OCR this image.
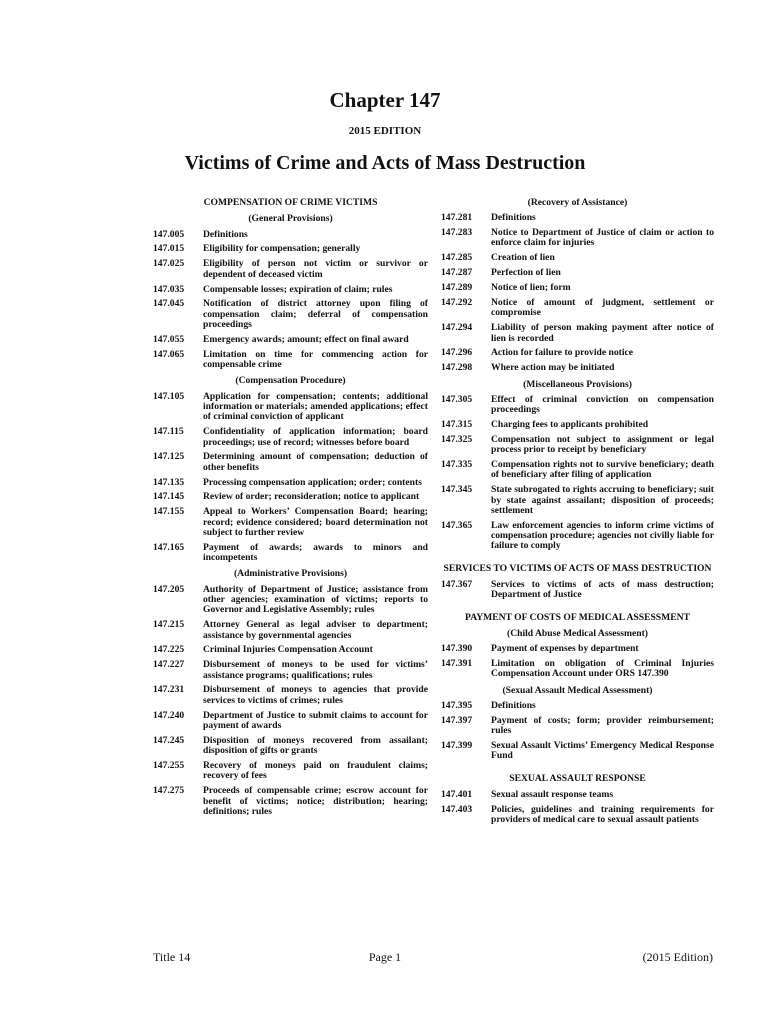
Chapter 147
2015 EDITION
Victims of Crime and Acts of Mass Destruction
COMPENSATION OF CRIME VICTIMS
(General Provisions)
147.005	Definitions
147.015	Eligibility for compensation; generally
147.025	Eligibility of person not victim or survivor or dependent of deceased victim
147.035	Compensable losses; expiration of claim; rules
147.045	Notification of district attorney upon filing of compensation claim; deferral of compensation proceedings
147.055	Emergency awards; amount; effect on final award
147.065	Limitation on time for commencing action for compensable crime
(Compensation Procedure)
147.105	Application for compensation; contents; additional information or materials; amended applications; effect of criminal conviction of applicant
147.115	Confidentiality of application information; board proceedings; use of record; witnesses before board
147.125	Determining amount of compensation; deduction of other benefits
147.135	Processing compensation application; order; contents
147.145	Review of order; reconsideration; notice to applicant
147.155	Appeal to Workers’ Compensation Board; hearing; record; evidence considered; board determination not subject to further review
147.165	Payment of awards; awards to minors and incompetents
(Administrative Provisions)
147.205	Authority of Department of Justice; assistance from other agencies; examination of victims; reports to Governor and Legislative Assembly; rules
147.215	Attorney General as legal adviser to department; assistance by governmental agencies
147.225	Criminal Injuries Compensation Account
147.227	Disbursement of moneys to be used for victims’ assistance programs; qualifications; rules
147.231	Disbursement of moneys to agencies that provide services to victims of crimes; rules
147.240	Department of Justice to submit claims to account for payment of awards
147.245	Disposition of moneys recovered from assailant; disposition of gifts or grants
147.255	Recovery of moneys paid on fraudulent claims; recovery of fees
147.275	Proceeds of compensable crime; escrow account for benefit of victims; notice; distribution; hearing; definitions; rules
(Recovery of Assistance)
147.281	Definitions
147.283	Notice to Department of Justice of claim or action to enforce claim for injuries
147.285	Creation of lien
147.287	Perfection of lien
147.289	Notice of lien; form
147.292	Notice of amount of judgment, settlement or compromise
147.294	Liability of person making payment after notice of lien is recorded
147.296	Action for failure to provide notice
147.298	Where action may be initiated
(Miscellaneous Provisions)
147.305	Effect of criminal conviction on compensation proceedings
147.315	Charging fees to applicants prohibited
147.325	Compensation not subject to assignment or legal process prior to receipt by beneficiary
147.335	Compensation rights not to survive beneficiary; death of beneficiary after filing of application
147.345	State subrogated to rights accruing to beneficiary; suit by state against assailant; disposition of proceeds; settlement
147.365	Law enforcement agencies to inform crime victims of compensation procedure; agencies not civilly liable for failure to comply
SERVICES TO VICTIMS OF ACTS OF MASS DESTRUCTION
147.367	Services to victims of acts of mass destruction; Department of Justice
PAYMENT OF COSTS OF MEDICAL ASSESSMENT
(Child Abuse Medical Assessment)
147.390	Payment of expenses by department
147.391	Limitation on obligation of Criminal Injuries Compensation Account under ORS 147.390
(Sexual Assault Medical Assessment)
147.395	Definitions
147.397	Payment of costs; form; provider reimbursement; rules
147.399	Sexual Assault Victims’ Emergency Medical Response Fund
SEXUAL ASSAULT RESPONSE
147.401	Sexual assault response teams
147.403	Policies, guidelines and training requirements for providers of medical care to sexual assault patients
Title 14	Page 1	(2015 Edition)
